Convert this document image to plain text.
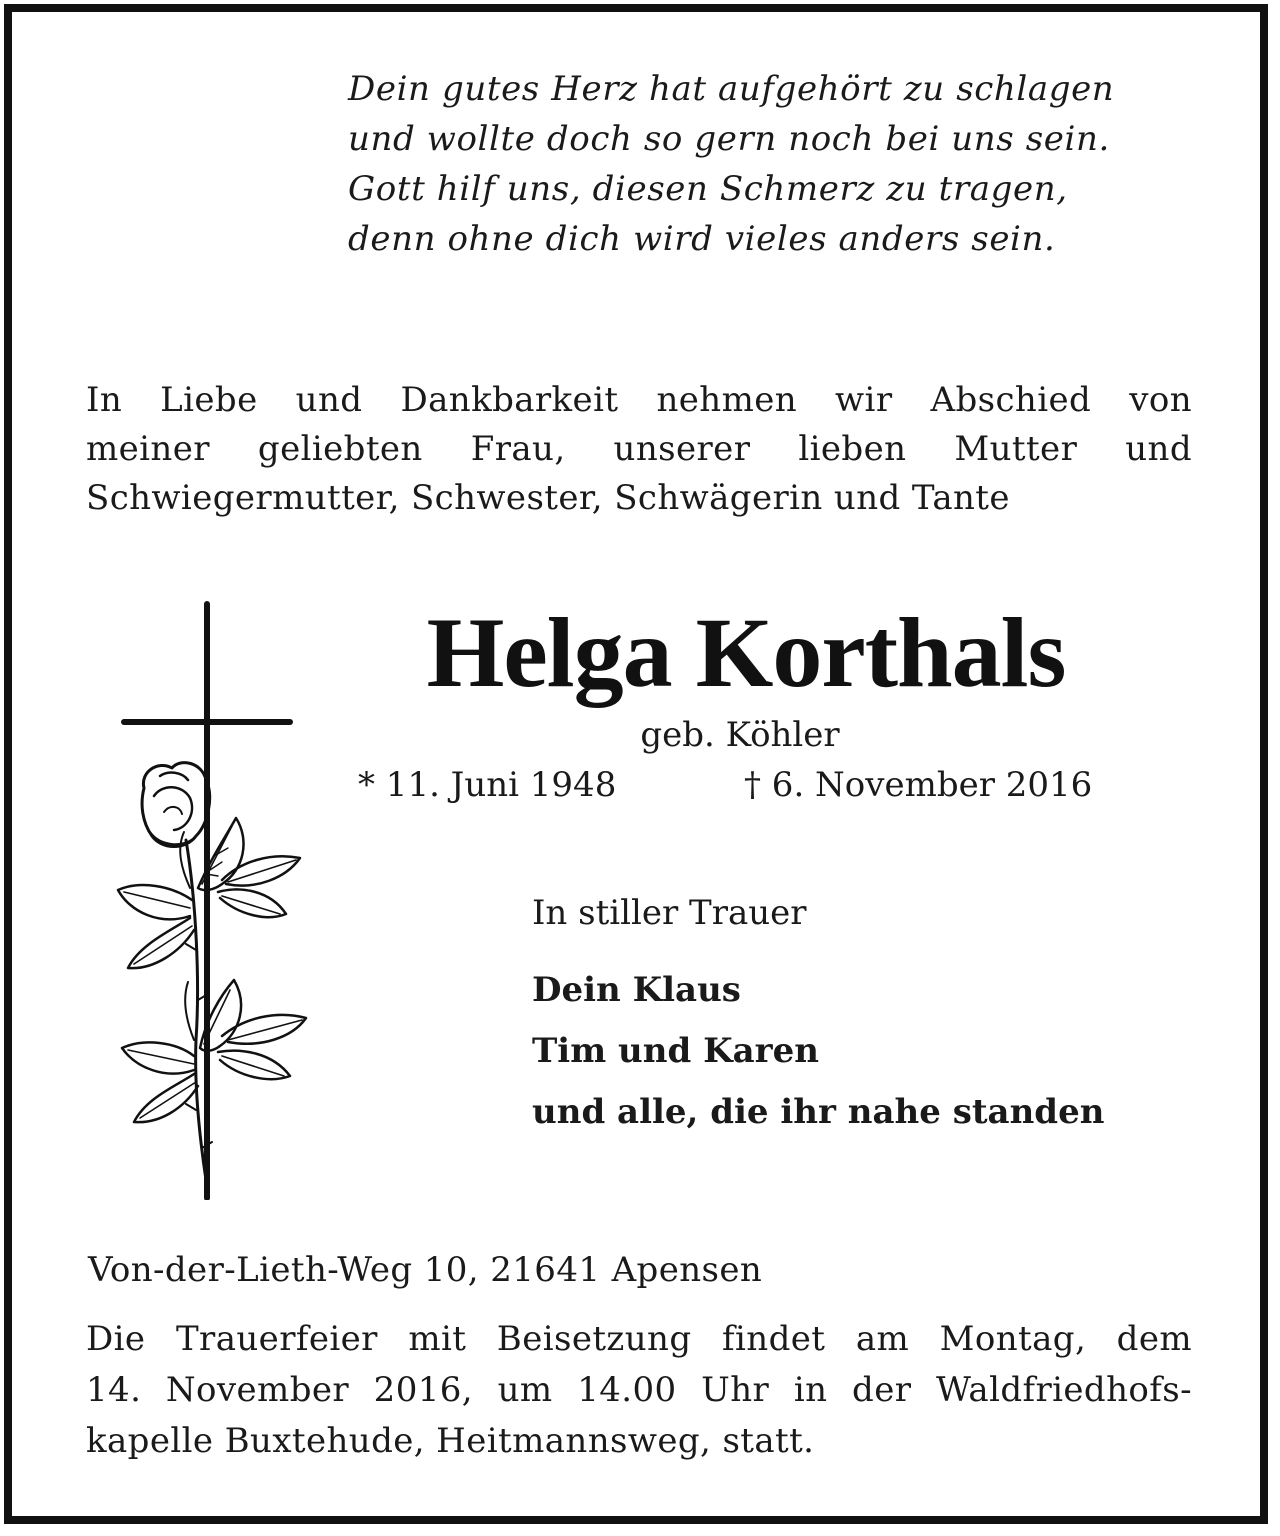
Dein gutes Herz hat aufgehört zu schlagen
und wollte doch so gern noch bei uns sein.
Gott hilf uns, diesen Schmerz zu tragen,
denn ohne dich wird vieles anders sein.
In Liebe und Dankbarkeit nehmen wir Abschied von
meiner geliebten Frau, unserer lieben Mutter und
Schwiegermutter, Schwester, Schwägerin und Tante
Helga Korthals
geb. Köhler
* 11. Juni 1948	† 6. November 2016
In stiller Trauer
Dein Klaus
Tim und Karen
und alle, die ihr nahe standen
Von-der-Lieth-Weg 10, 21641 Apensen
Die Trauerfeier mit Beisetzung findet am Montag, dem
14. November 2016, um 14.00 Uhr in der Waldfriedhofs-
kapelle Buxtehude, Heitmannsweg, statt.
